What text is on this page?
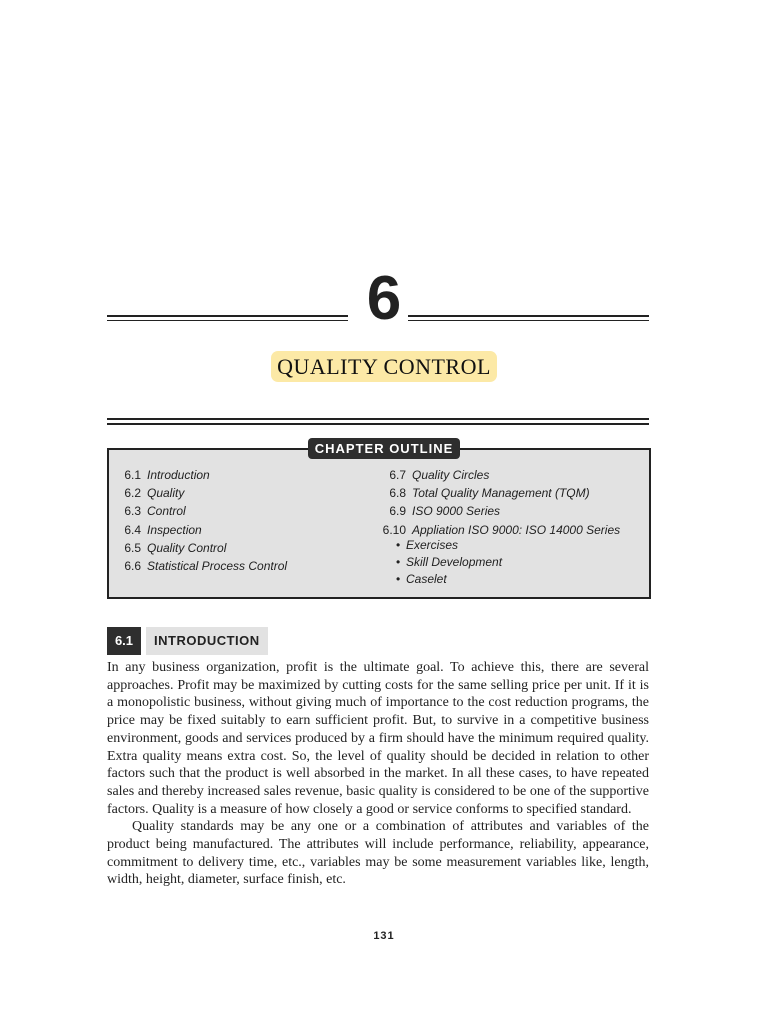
6
QUALITY CONTROL
CHAPTER OUTLINE
6.1 Introduction
6.2 Quality
6.3 Control
6.4 Inspection
6.5 Quality Control
6.6 Statistical Process Control
6.7 Quality Circles
6.8 Total Quality Management (TQM)
6.9 ISO 9000 Series
6.10 Appliation ISO 9000: ISO 14000 Series
• Exercises
• Skill Development
• Caselet
6.1	INTRODUCTION

In any business organization, profit is the ultimate goal. To achieve this, there are several approaches. Profit may be maximized by cutting costs for the same selling price per unit. If it is a monopolistic business, without giving much of importance to the cost reduction programs, the price may be fixed suitably to earn sufficient profit. But, to survive in a competitive business environment, goods and services produced by a firm should have the minimum required quality. Extra quality means extra cost. So, the level of quality should be decided in relation to other factors such that the product is well absorbed in the market. In all these cases, to have repeated sales and thereby increased sales revenue, basic quality is considered to be one of the supportive factors. Quality is a measure of how closely a good or service conforms to specified standard.

Quality standards may be any one or a combination of attributes and variables of the product being manufactured. The attributes will include performance, reliability, appearance, commitment to delivery time, etc., variables may be some measurement variables like, length, width, height, diameter, surface finish, etc.

131
